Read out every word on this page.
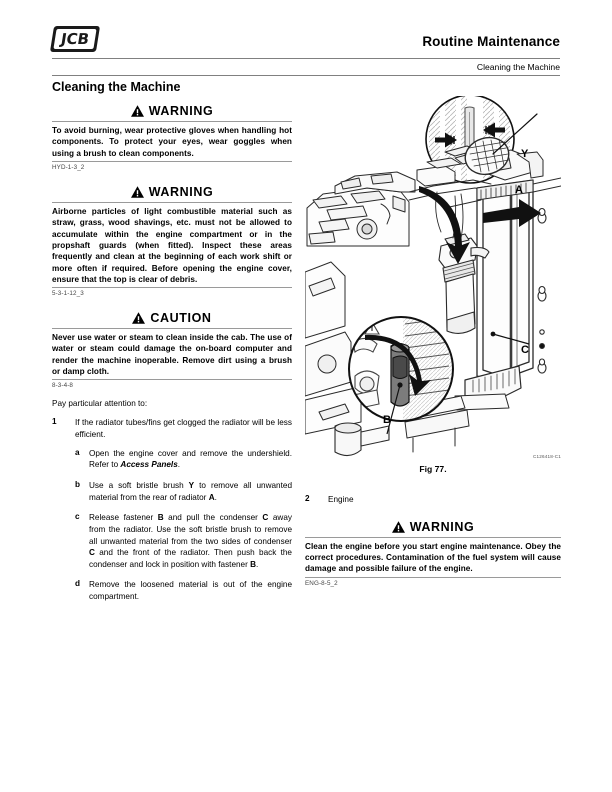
JCB	Routine Maintenance
Cleaning the Machine
Cleaning the Machine
WARNING
To avoid burning, wear protective gloves when handling hot components. To protect your eyes, wear goggles when using a brush to clean components.
HYD-1-3_2
WARNING
Airborne particles of light combustible material such as straw, grass, wood shavings, etc. must not be allowed to accumulate within the engine compartment or in the propshaft guards (when fitted). Inspect these areas frequently and clean at the beginning of each work shift or more often if required. Before opening the engine cover, ensure that the top is clear of debris.
5-3-1-12_3
CAUTION
Never use water or steam to clean inside the cab. The use of water or steam could damage the on-board computer and render the machine inoperable. Remove dirt using a brush or damp cloth.
8-3-4-8
Pay particular attention to:
1	If the radiator tubes/fins get clogged the radiator will be less efficient.
a	Open the engine cover and remove the undershield. Refer to Access Panels.
b	Use a soft bristle brush Y to remove all unwanted material from the rear of radiator A.
c	Release fastener B and pull the condenser C away from the radiator. Use the soft bristle brush to remove all unwanted material from the two sides of condenser C and the front of the radiator. Then push back the condenser and lock in position with fastener B.
d	Remove the loosened material is out of the engine compartment.
Y
A
C
B
C126418-C1
Fig 77.
2	Engine
WARNING
Clean the engine before you start engine maintenance. Obey the correct procedures. Contamination of the fuel system will cause damage and possible failure of the engine.
ENG-8-5_2
